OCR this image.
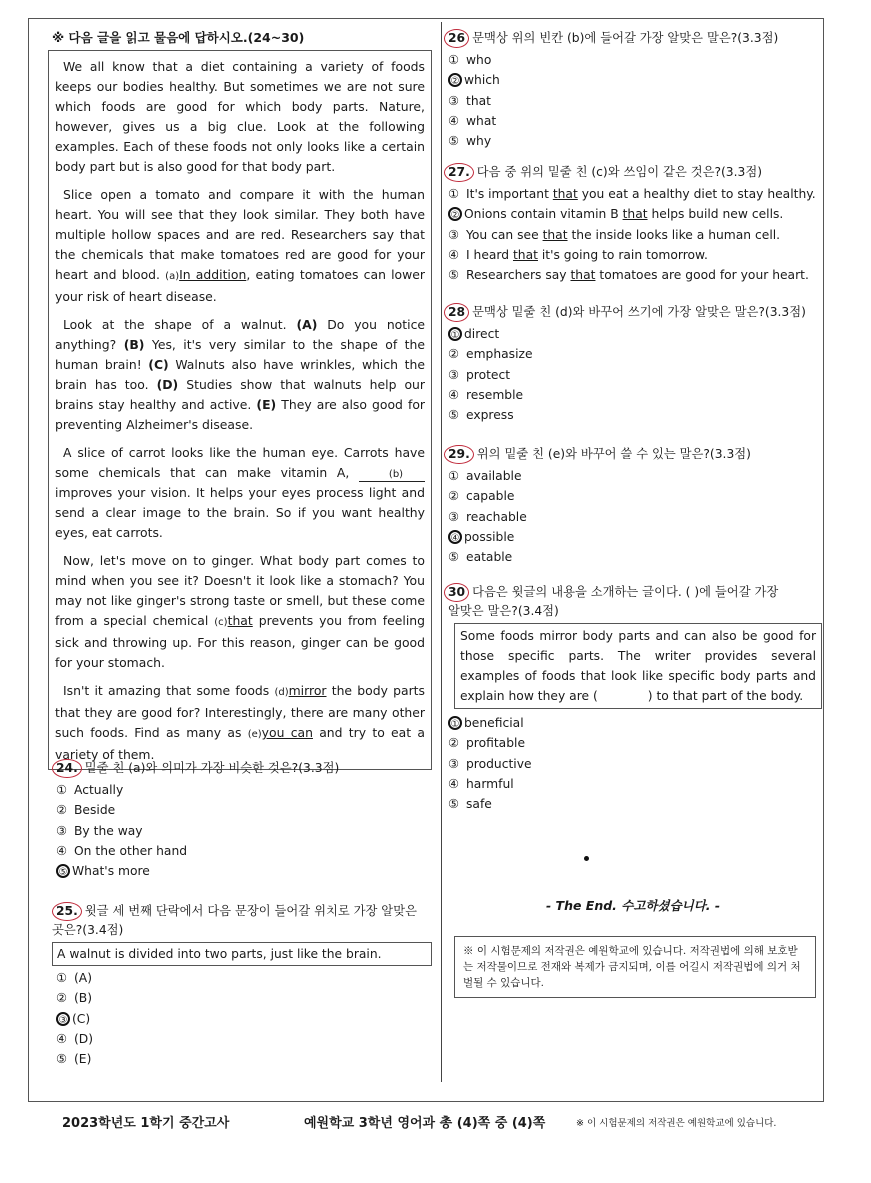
※ 다음 글을 읽고 물음에 답하시오.(24~30)

We all know that a diet containing a variety of foods keeps our bodies healthy. But sometimes we are not sure which foods are good for which body parts. Nature, however, gives us a big clue. Look at the following examples. Each of these foods not only looks like a certain body part but is also good for that body part.

Slice open a tomato and compare it with the human heart. You will see that they look similar. They both have multiple hollow spaces and are red. Researchers say that the chemicals that make tomatoes red are good for your heart and blood. (a)In addition, eating tomatoes can lower your risk of heart disease.

Look at the shape of a walnut. (A) Do you notice anything? (B) Yes, it's very similar to the shape of the human brain! (C) Walnuts also have wrinkles, which the brain has too. (D) Studies show that walnuts help our brains stay healthy and active. (E) They are also good for preventing Alzheimer's disease.

A slice of carrot looks like the human eye. Carrots have some chemicals that can make vitamin A,	(b) improves your vision. It helps your eyes process light and send a clear image to the brain. So if you want healthy eyes, eat carrots.

Now, let's move on to ginger. What body part comes to mind when you see it? Doesn't it look like a stomach? You may not like ginger's strong taste or smell, but these come from a special chemical (c)that prevents you from feeling sick and throwing up. For this reason, ginger can be good for your stomach.

Isn't it amazing that some foods (d)mirror the body parts that they are good for? Interestingly, there are many other such foods. Find as many as (e)you can and try to eat a variety of them.

24. 밑줄 친 (a)와 의미가 가장 비슷한 것은?(3.3점)
① Actually
② Beside
③ By the way
④ On the other hand
⑤ What's more
25. 윗글 세 번째 단락에서 다음 문장이 들어갈 위치로 가장 알맞은 곳은?(3.4점)
A walnut is divided into two parts, just like the brain.
① (A)
② (B)
③ (C)
④ (D)
⑤ (E)
26 문맥상 위의 빈칸 (b)에 들어갈 가장 알맞은 말은?(3.3점)
① who
② which
③ that
④ what
⑤ why
27. 다음 중 위의 밑줄 친 (c)와 쓰임이 같은 것은?(3.3점)
① It's important that you eat a healthy diet to stay healthy.
② Onions contain vitamin B that helps build new cells.
③ You can see that the inside looks like a human cell.
④ I heard that it's going to rain tomorrow.
⑤ Researchers say that tomatoes are good for your heart.
28 문맥상 밑줄 친 (d)와 바꾸어 쓰기에 가장 알맞은 말은?(3.3점)
① direct
② emphasize
③ protect
④ resemble
⑤ express
29. 위의 밑줄 친 (e)와 바꾸어 쓸 수 있는 말은?(3.3점)
① available
② capable
③ reachable
④ possible
⑤ eatable
30 다음은 윗글의 내용을 소개하는 글이다. ( )에 들어갈 가장
알맞은 말은?(3.4점)
Some foods mirror body parts and can also be good for those specific parts. The writer provides several examples of foods that look like specific body parts and explain how they are (	) to that part of the body.
① beneficial
② profitable
③ productive
④ harmful
⑤ safe
- The End. 수고하셨습니다. -
※ 이 시험문제의 저작권은 예원학교에 있습니다. 저작권법에 의해 보호받는 저작물이므로 전재와 복제가 금지되며, 이를 어길시 저작권법에 의거 처벌될 수 있습니다.
2023학년도 1학기 중간고사	예원학교 3학년 영어과 총 (4)쪽 중 (4)쪽	※ 이 시험문제의 저작권은 예원학교에 있습니다.
